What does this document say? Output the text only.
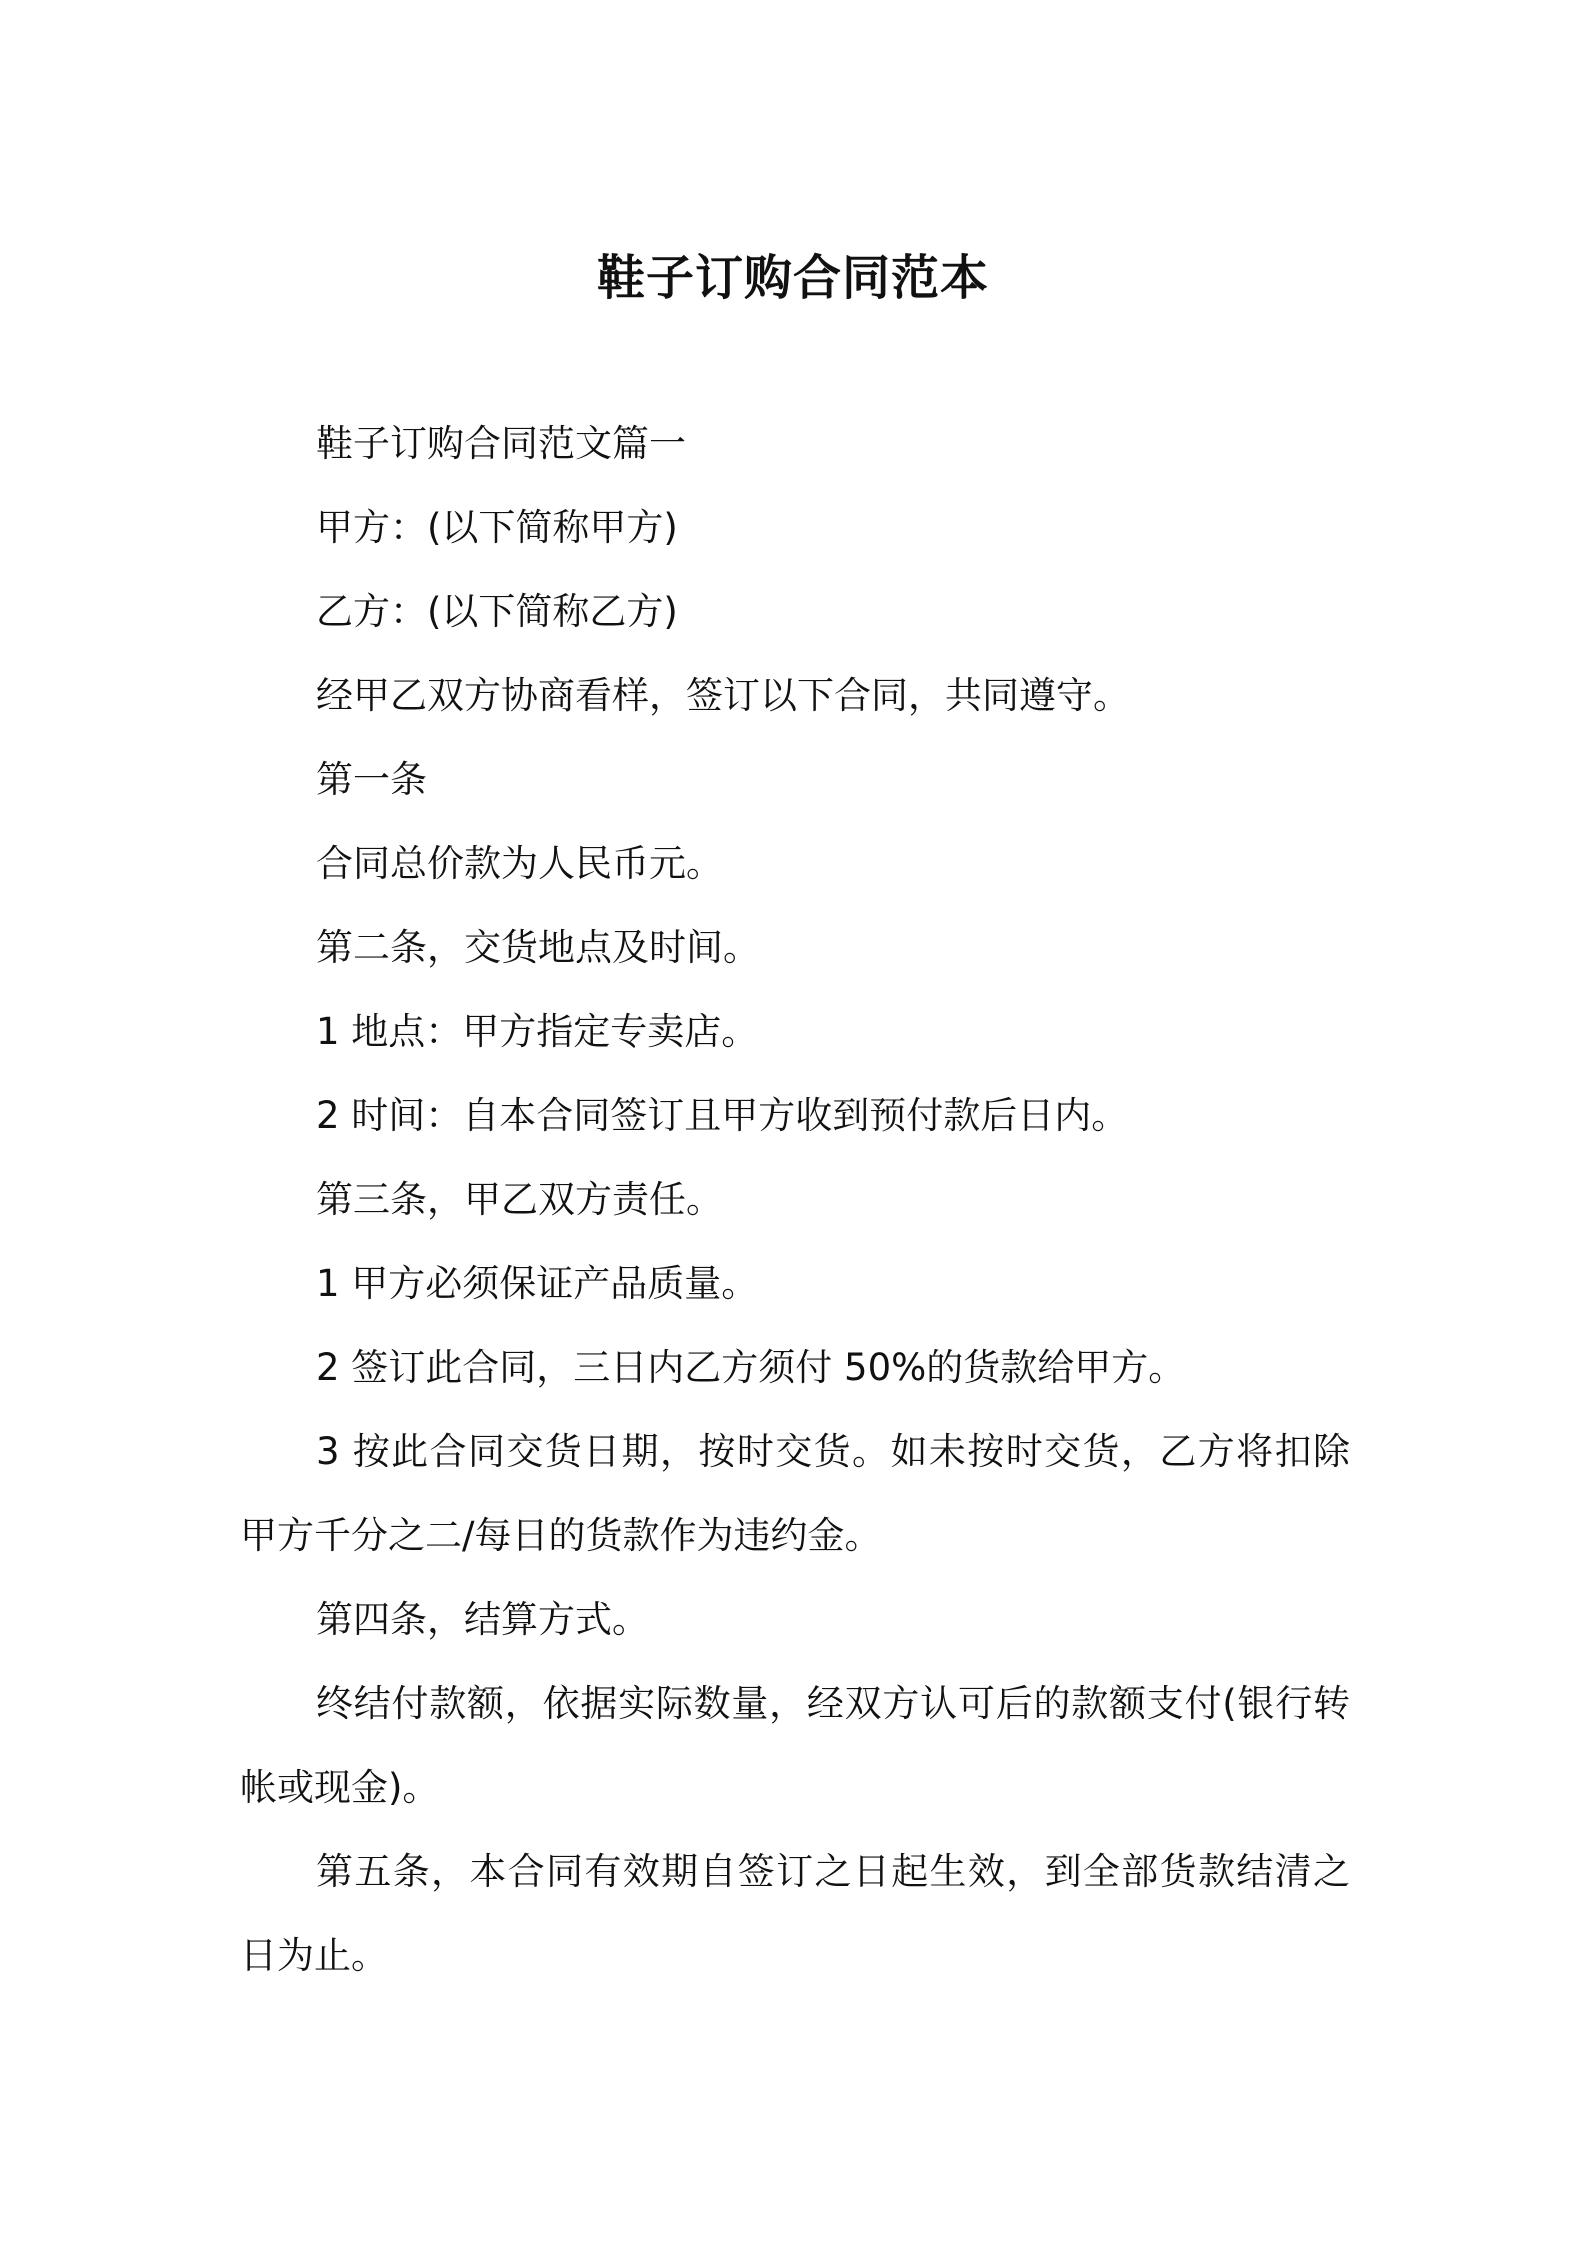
鞋子订购合同范本

鞋子订购合同范文篇一

甲方：(以下简称甲方)

乙方：(以下简称乙方)

经甲乙双方协商看样，签订以下合同，共同遵守。

第一条

合同总价款为人民币元。

第二条，交货地点及时间。

1 地点：甲方指定专卖店。

2 时间：自本合同签订且甲方收到预付款后日内。

第三条，甲乙双方责任。

1 甲方必须保证产品质量。

2 签订此合同，三日内乙方须付 50%的货款给甲方。

3 按此合同交货日期，按时交货。如未按时交货，乙方将扣除甲方千分之二/每日的货款作为违约金。

第四条，结算方式。

终结付款额，依据实际数量，经双方认可后的款额支付(银行转帐或现金)。

第五条，本合同有效期自签订之日起生效，到全部货款结清之日为止。
